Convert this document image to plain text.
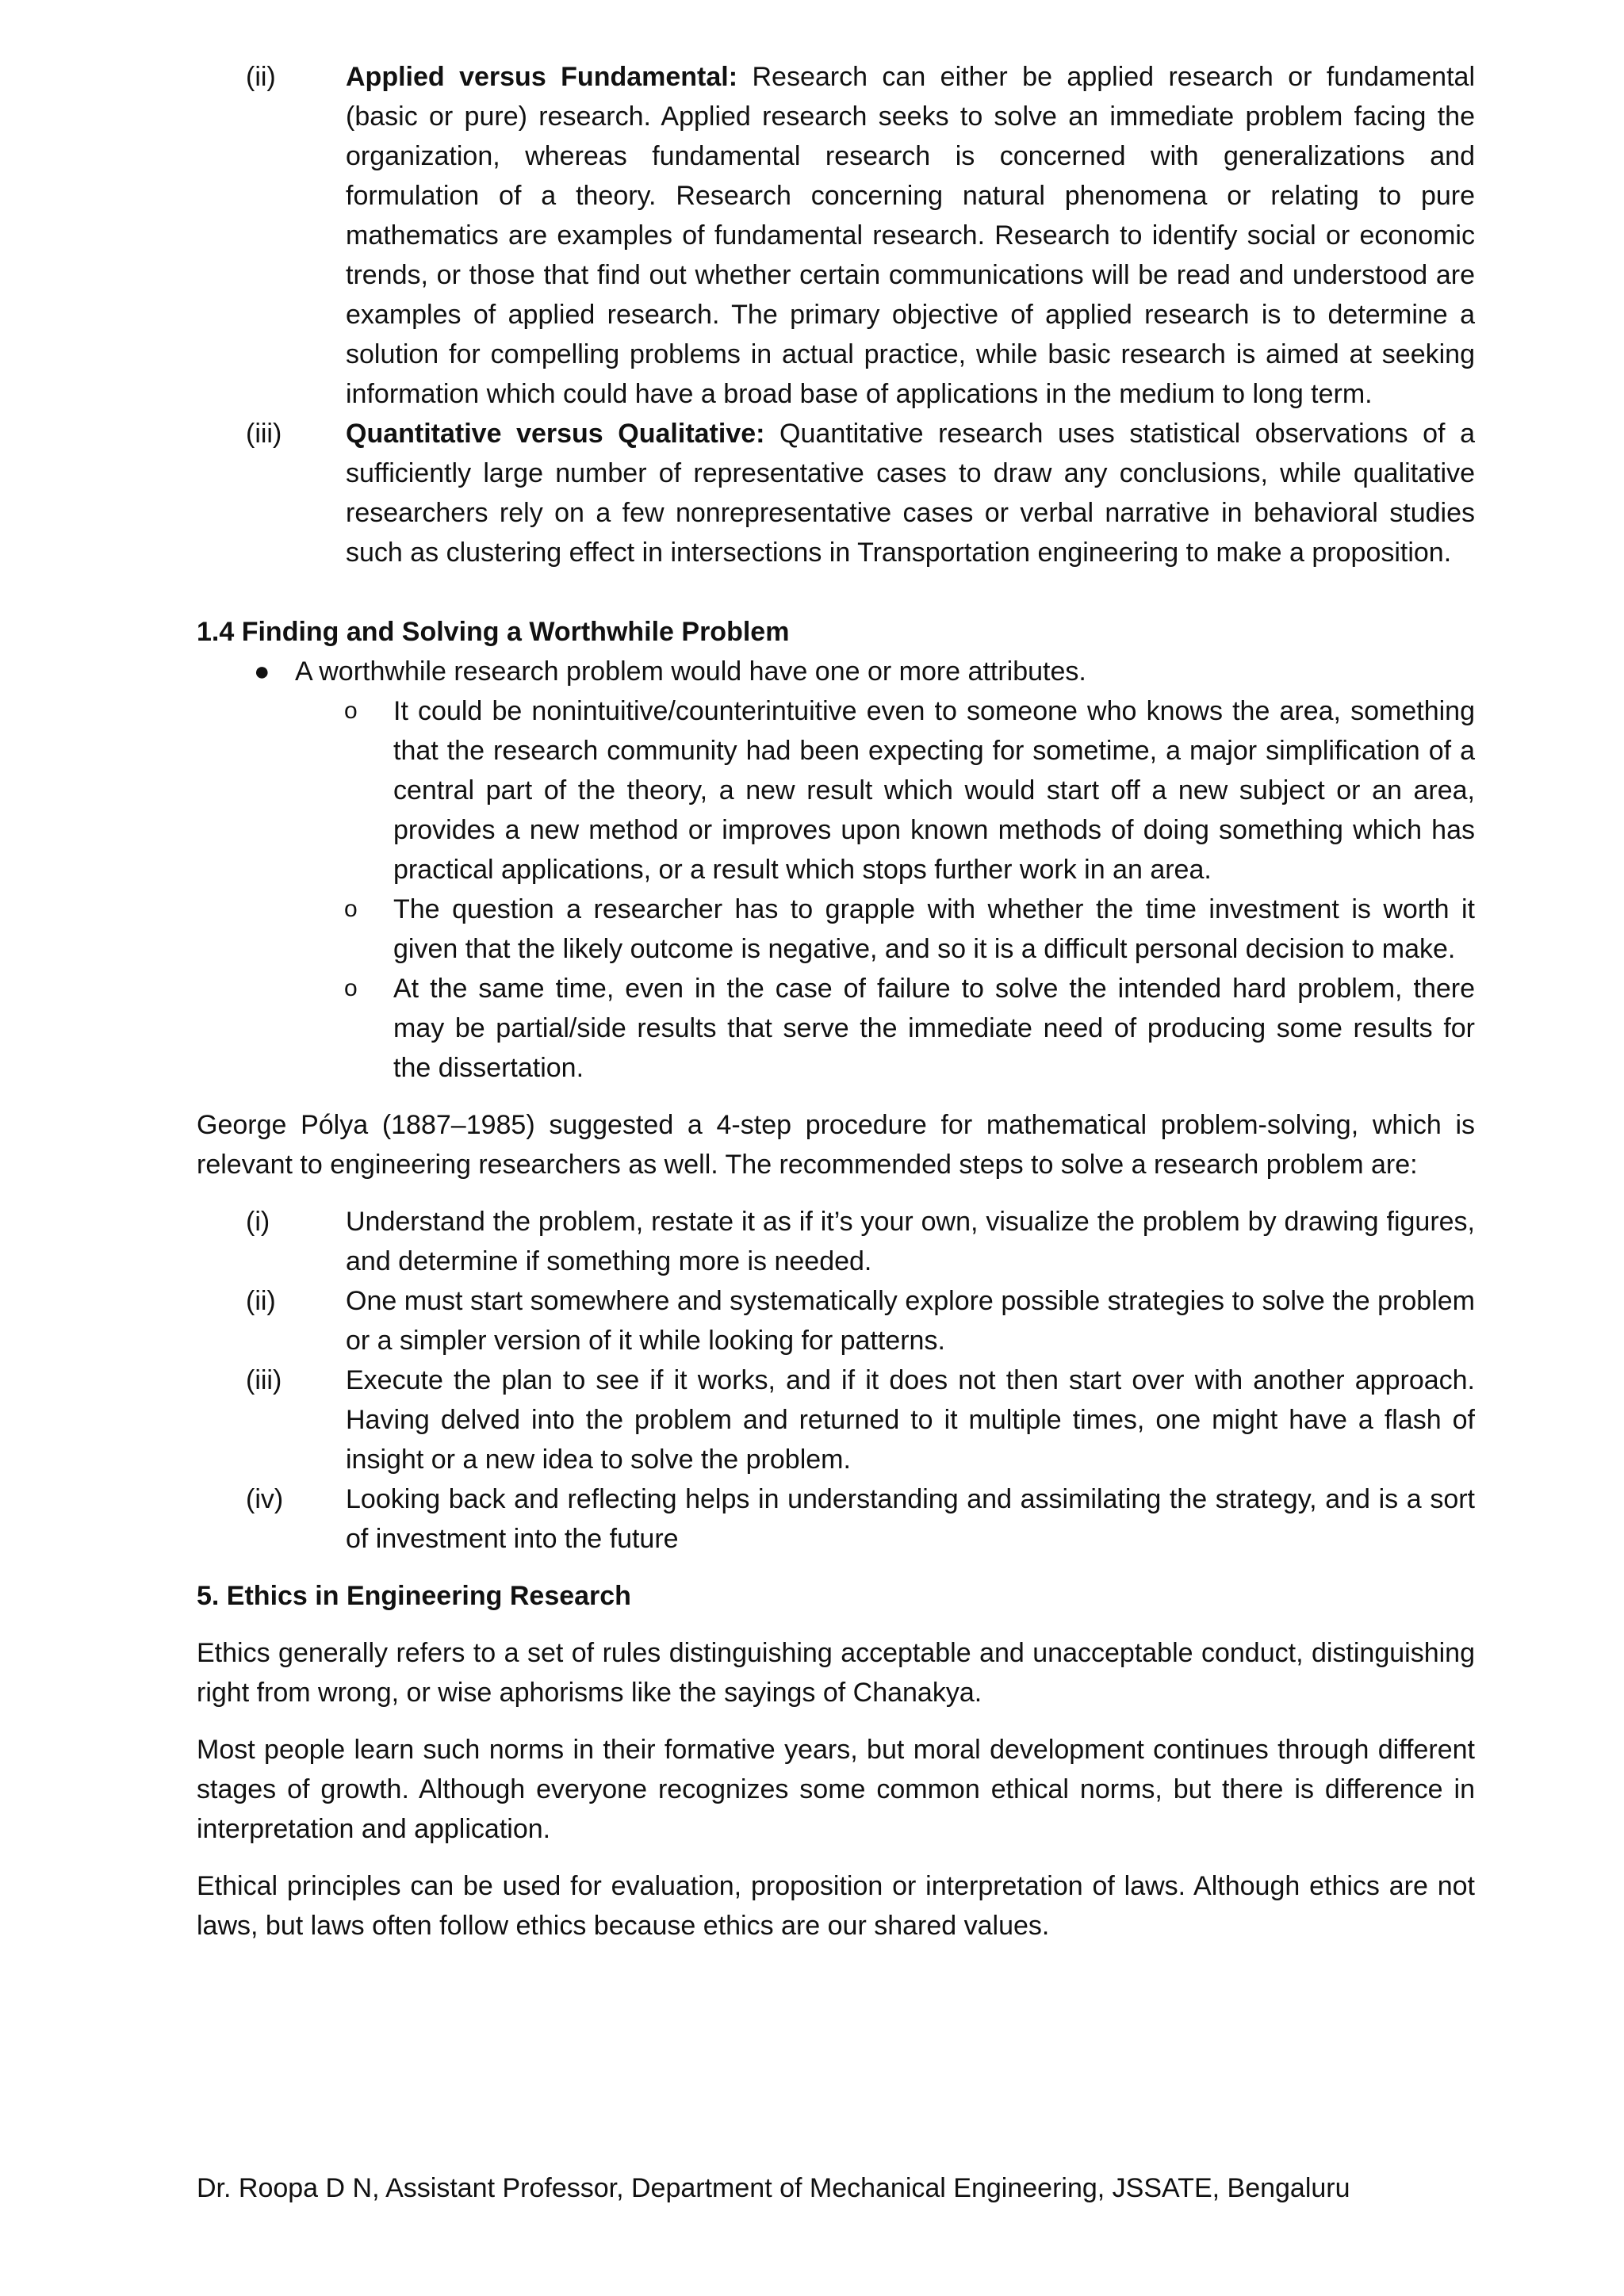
(ii)	Applied versus Fundamental: Research can either be applied research or fundamental (basic or pure) research. Applied research seeks to solve an immediate problem facing the organization, whereas fundamental research is concerned with generalizations and formulation of a theory. Research concerning natural phenomena or relating to pure mathematics are examples of fundamental research. Research to identify social or economic trends, or those that find out whether certain communications will be read and understood are examples of applied research. The primary objective of applied research is to determine a solution for compelling problems in actual practice, while basic research is aimed at seeking information which could have a broad base of applications in the medium to long term.
(iii) Quantitative versus Qualitative: Quantitative research uses statistical observations of a sufficiently large number of representative cases to draw any conclusions, while qualitative researchers rely on a few nonrepresentative cases or verbal narrative in behavioral studies such as clustering effect in intersections in Transportation engineering to make a proposition.
1.4 Finding and Solving a Worthwhile Problem
● A worthwhile research problem would have one or more attributes.
o It could be nonintuitive/counterintuitive even to someone who knows the area, something that the research community had been expecting for sometime, a major simplification of a central part of the theory, a new result which would start off a new subject or an area, provides a new method or improves upon known methods of doing something which has practical applications, or a result which stops further work in an area.
o The question a researcher has to grapple with whether the time investment is worth it given that the likely outcome is negative, and so it is a difficult personal decision to make.
o At the same time, even in the case of failure to solve the intended hard problem, there may be partial/side results that serve the immediate need of producing some results for the dissertation.

George Pólya (1887–1985) suggested a 4-step procedure for mathematical problem-solving, which is relevant to engineering researchers as well. The recommended steps to solve a research problem are:

(i)	Understand the problem, restate it as if it’s your own, visualize the problem by drawing figures, and determine if something more is needed.
(ii)	One must start somewhere and systematically explore possible strategies to solve the problem or a simpler version of it while looking for patterns.
(iii) Execute the plan to see if it works, and if it does not then start over with another approach. Having delved into the problem and returned to it multiple times, one might have a flash of insight or a new idea to solve the problem.
(iv) Looking back and reflecting helps in understanding and assimilating the strategy, and is a sort of investment into the future
5. Ethics in Engineering Research

Ethics generally refers to a set of rules distinguishing acceptable and unacceptable conduct, distinguishing right from wrong, or wise aphorisms like the sayings of Chanakya.

Most people learn such norms in their formative years, but moral development continues through different stages of growth. Although everyone recognizes some common ethical norms, but there is difference in interpretation and application.

Ethical principles can be used for evaluation, proposition or interpretation of laws. Although ethics are not laws, but laws often follow ethics because ethics are our shared values.

Dr. Roopa D N, Assistant Professor, Department of Mechanical Engineering, JSSATE, Bengaluru
